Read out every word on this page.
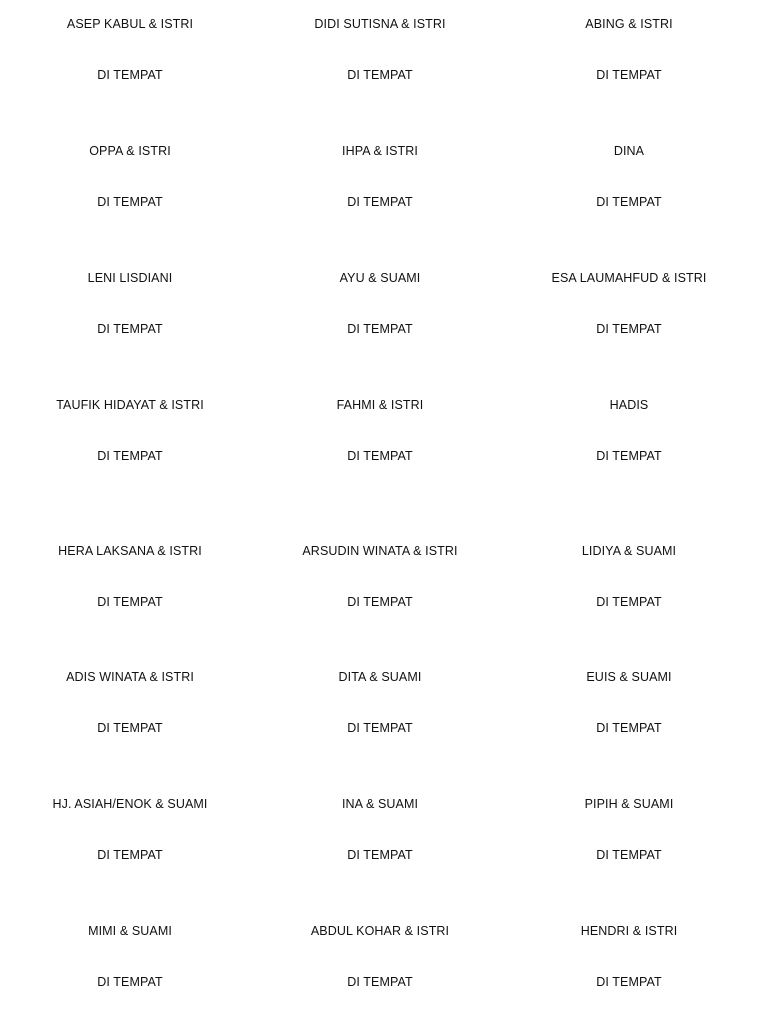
ASEP KABUL & ISTRI
DI TEMPAT
DIDI SUTISNA & ISTRI
DI TEMPAT
ABING & ISTRI
DI TEMPAT
OPPA & ISTRI
DI TEMPAT
IHPA & ISTRI
DI TEMPAT
DINA
DI TEMPAT
LENI LISDIANI
DI TEMPAT
AYU & SUAMI
DI TEMPAT
ESA LAUMAHFUD & ISTRI
DI TEMPAT
TAUFIK HIDAYAT & ISTRI
DI TEMPAT
FAHMI & ISTRI
DI TEMPAT
HADIS
DI TEMPAT
HERA LAKSANA & ISTRI
DI TEMPAT
ARSUDIN WINATA & ISTRI
DI TEMPAT
LIDIYA & SUAMI
DI TEMPAT
ADIS WINATA & ISTRI
DI TEMPAT
DITA & SUAMI
DI TEMPAT
EUIS & SUAMI
DI TEMPAT
HJ. ASIAH/ENOK & SUAMI
DI TEMPAT
INA & SUAMI
DI TEMPAT
PIPIH & SUAMI
DI TEMPAT
MIMI & SUAMI
DI TEMPAT
ABDUL KOHAR & ISTRI
DI TEMPAT
HENDRI & ISTRI
DI TEMPAT
